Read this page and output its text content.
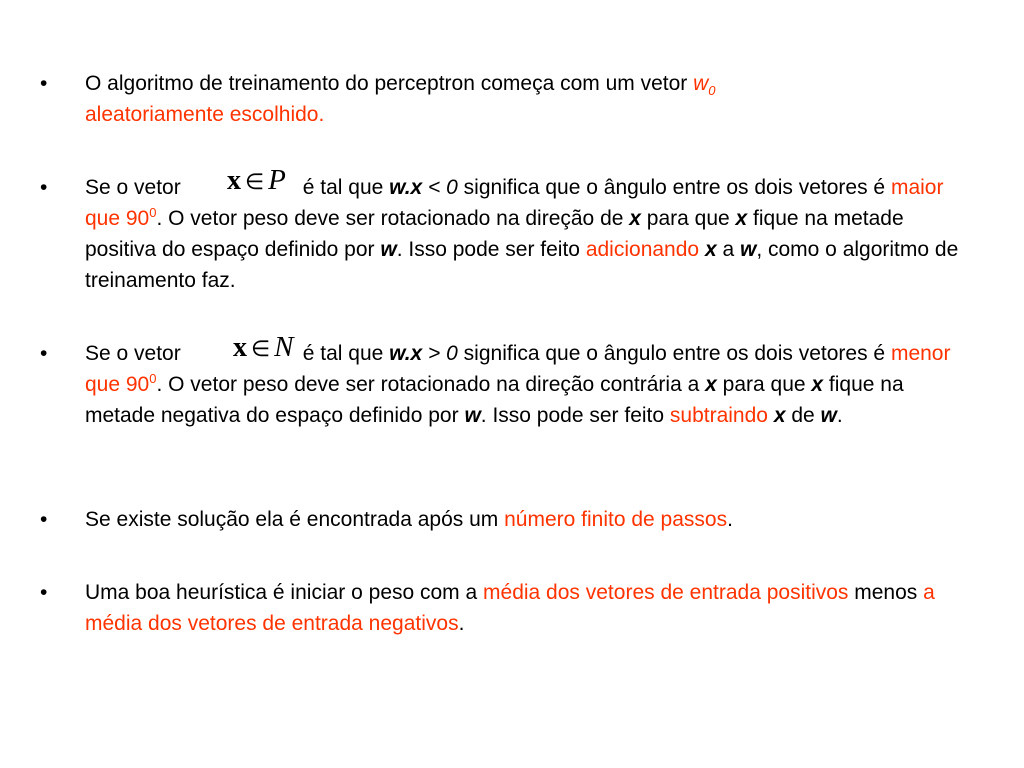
•	O algoritmo de treinamento do perceptron começa com um vetor $w_0$
aleatoriamente escolhido.
•	Se o vetor	é tal que w.x < 0 significa que o ângulo entre os dois vetores é maior que $90^0$. O vetor peso deve ser rotacionado na direção de x para que x fique na metade positiva do espaço definido por w. Isso pode ser feito adicionando x a w, como o algoritmo de treinamento faz.
x ∈ P
•	Se o vetor	é tal que w.x > 0 significa que o ângulo entre os dois vetores é menor que $90^0$. O vetor peso deve ser rotacionado na direção contrária a x para que x fique na metade negativa do espaço definido por w. Isso pode ser feito subtraindo x de w.
x ∈ N
•	Se existe solução ela é encontrada após um número finito de passos.
•	Uma boa heurística é iniciar o peso com a média dos vetores de entrada positivos menos a média dos vetores de entrada negativos.
